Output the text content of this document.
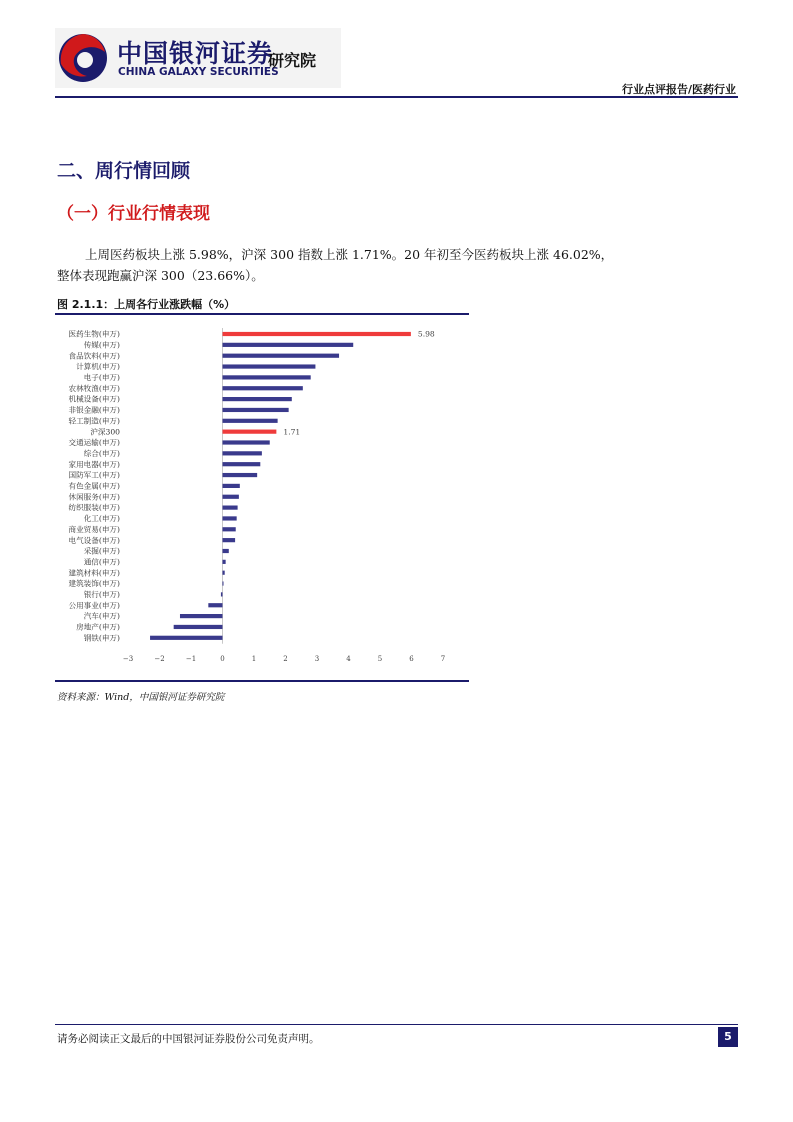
中国银河证券
CHINA GALAXY SECURITIES
研究院
行业点评报告/医药行业
二、周行情回顾
（一）行业行情表现
上周医药板块上涨 5.98%，沪深 300 指数上涨 1.71%。20 年初至今医药板块上涨 46.02%，
整体表现跑赢沪深 300（23.66%）。
图 2.1.1：上周各行业涨跌幅（%）
医药生物(申万)	5.98
传媒(申万)
食品饮料(申万)
计算机(申万)
电子(申万)
农林牧渔(申万)
机械设备(申万)
非银金融(申万)
轻工制造(申万)
沪深300	1.71
交通运输(申万)
综合(申万)
家用电器(申万)
国防军工(申万)
有色金属(申万)
休闲服务(申万)
纺织服装(申万)
化工(申万)
商业贸易(申万)
电气设备(申万)
采掘(申万)
通信(申万)
建筑材料(申万)
建筑装饰(申万)
银行(申万)
公用事业(申万)
汽车(申万)
房地产(申万)
钢铁(申万)
−3	−2	−1	0	1	2	3	4	5	6	7
资料来源：Wind，中国银河证券研究院
请务必阅读正文最后的中国银河证券股份公司免责声明。	5
